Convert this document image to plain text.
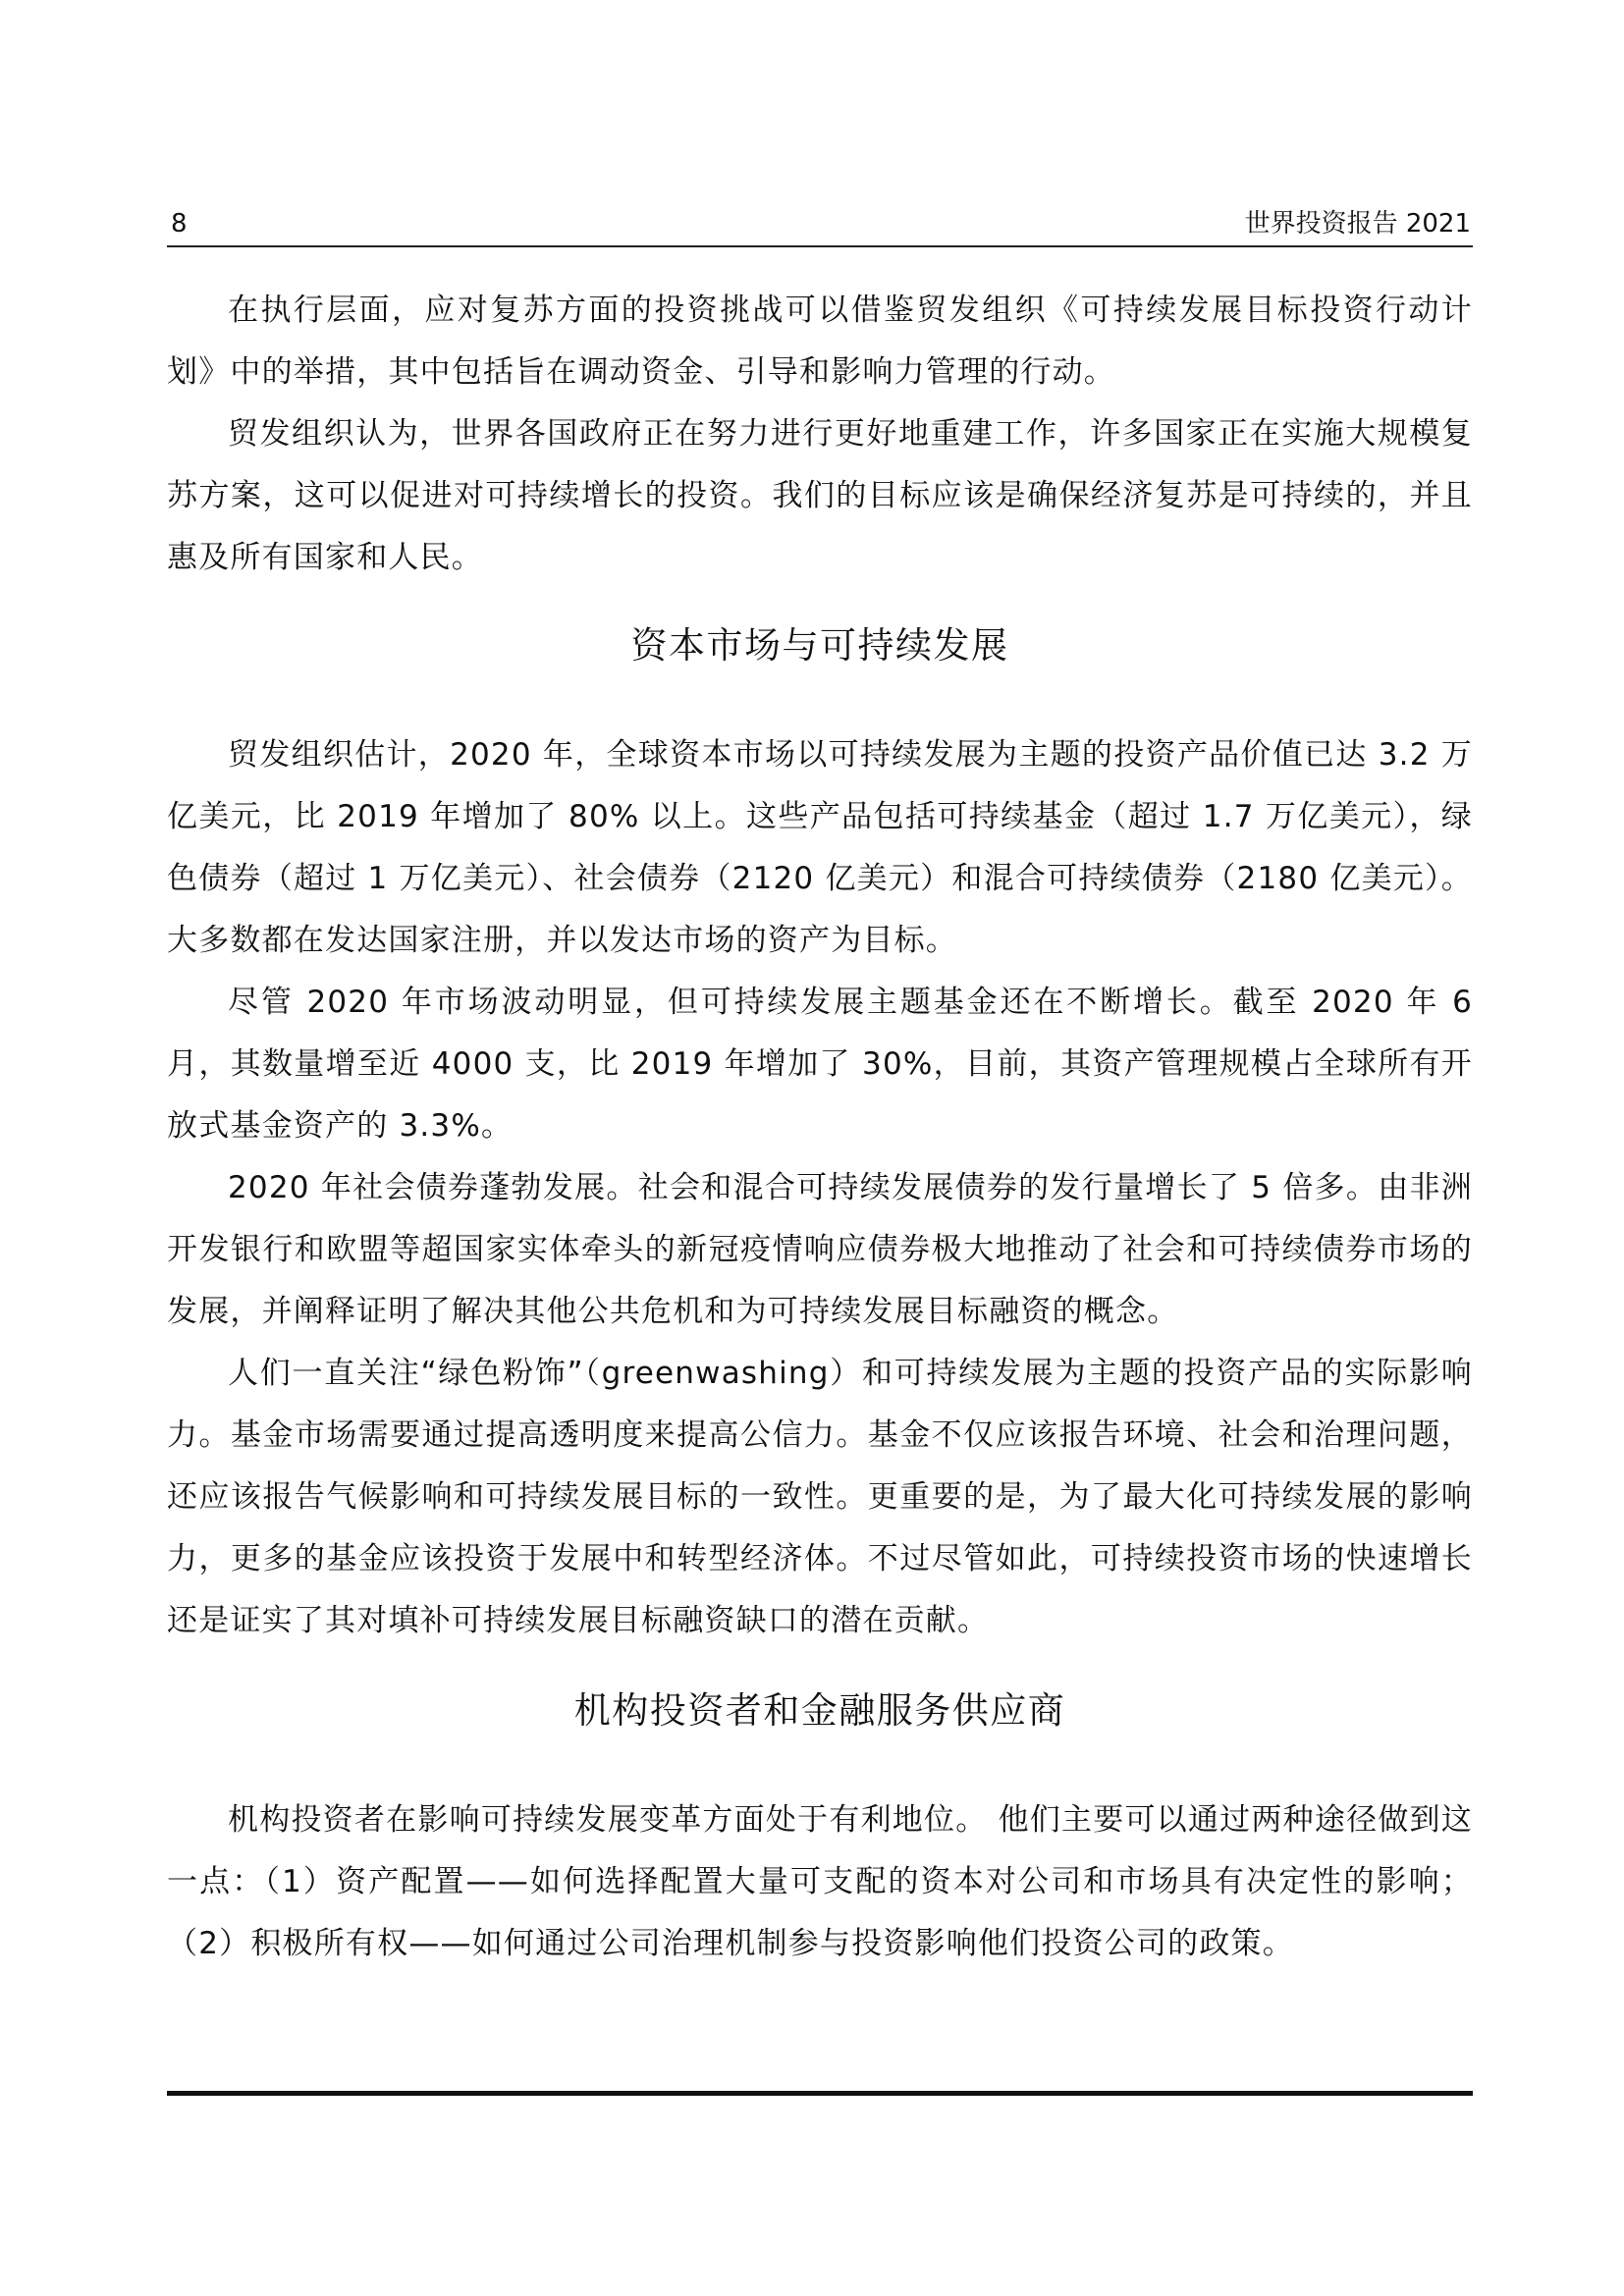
8	世界投资报告 2021

在执行层面，应对复苏方面的投资挑战可以借鉴贸发组织《可持续发展目标投资行动计划》中的举措，其中包括旨在调动资金、引导和影响力管理的行动。

贸发组织认为，世界各国政府正在努力进行更好地重建工作，许多国家正在实施大规模复苏方案，这可以促进对可持续增长的投资。我们的目标应该是确保经济复苏是可持续的，并且惠及所有国家和人民。

资本市场与可持续发展

贸发组织估计，2020 年，全球资本市场以可持续发展为主题的投资产品价值已达 3.2 万亿美元，比 2019 年增加了 80% 以上。这些产品包括可持续基金（超过 1.7 万亿美元），绿色债券（超过 1 万亿美元）、社会债券（2120 亿美元）和混合可持续债券（2180 亿美元）。大多数都在发达国家注册，并以发达市场的资产为目标。

尽管 2020 年市场波动明显，但可持续发展主题基金还在不断增长。截至 2020 年 6 月，其数量增至近 4000 支，比 2019 年增加了 30%，目前，其资产管理规模占全球所有开放式基金资产的 3.3%。

2020 年社会债券蓬勃发展。社会和混合可持续发展债券的发行量增长了 5 倍多。由非洲开发银行和欧盟等超国家实体牵头的新冠疫情响应债券极大地推动了社会和可持续债券市场的发展，并阐释证明了解决其他公共危机和为可持续发展目标融资的概念。

人们一直关注“绿色粉饰”（greenwashing）和可持续发展为主题的投资产品的实际影响力。基金市场需要通过提高透明度来提高公信力。基金不仅应该报告环境、社会和治理问题，还应该报告气候影响和可持续发展目标的一致性。更重要的是，为了最大化可持续发展的影响力，更多的基金应该投资于发展中和转型经济体。不过尽管如此，可持续投资市场的快速增长还是证实了其对填补可持续发展目标融资缺口的潜在贡献。

机构投资者和金融服务供应商

机构投资者在影响可持续发展变革方面处于有利地位。 他们主要可以通过两种途径做到这一点：（1）资产配置——如何选择配置大量可支配的资本对公司和市场具有决定性的影响；（2）积极所有权——如何通过公司治理机制参与投资影响他们投资公司的政策。
